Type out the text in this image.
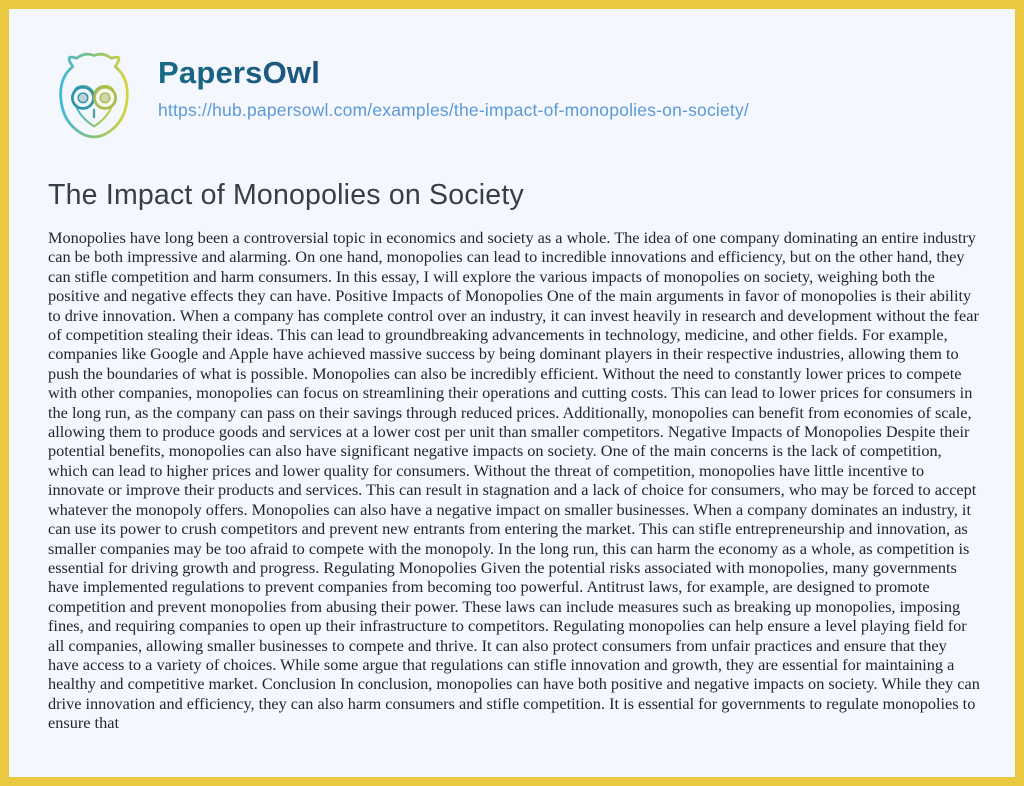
PapersOwl
https://hub.papersowl.com/examples/the-impact-of-monopolies-on-society/
The Impact of Monopolies on Society

Monopolies have long been a controversial topic in economics and society as a whole. The idea of one company dominating an entire industry can be both impressive and alarming. On one hand, monopolies can lead to incredible innovations and efficiency, but on the other hand, they can stifle competition and harm consumers. In this essay, I will explore the various impacts of monopolies on society, weighing both the positive and negative effects they can have. Positive Impacts of Monopolies One of the main arguments in favor of monopolies is their ability to drive innovation. When a company has complete control over an industry, it can invest heavily in research and development without the fear of competition stealing their ideas. This can lead to groundbreaking advancements in technology, medicine, and other fields. For example, companies like Google and Apple have achieved massive success by being dominant players in their respective industries, allowing them to push the boundaries of what is possible. Monopolies can also be incredibly efficient. Without the need to constantly lower prices to compete with other companies, monopolies can focus on streamlining their operations and cutting costs. This can lead to lower prices for consumers in the long run, as the company can pass on their savings through reduced prices. Additionally, monopolies can benefit from economies of scale, allowing them to produce goods and services at a lower cost per unit than smaller competitors. Negative Impacts of Monopolies Despite their potential benefits, monopolies can also have significant negative impacts on society. One of the main concerns is the lack of competition, which can lead to higher prices and lower quality for consumers. Without the threat of competition, monopolies have little incentive to innovate or improve their products and services. This can result in stagnation and a lack of choice for consumers, who may be forced to accept whatever the monopoly offers. Monopolies can also have a negative impact on smaller businesses. When a company dominates an industry, it can use its power to crush competitors and prevent new entrants from entering the market. This can stifle entrepreneurship and innovation, as smaller companies may be too afraid to compete with the monopoly. In the long run, this can harm the economy as a whole, as competition is essential for driving growth and progress. Regulating Monopolies Given the potential risks associated with monopolies, many governments have implemented regulations to prevent companies from becoming too powerful. Antitrust laws, for example, are designed to promote competition and prevent monopolies from abusing their power. These laws can include measures such as breaking up monopolies, imposing fines, and requiring companies to open up their infrastructure to competitors. Regulating monopolies can help ensure a level playing field for all companies, allowing smaller businesses to compete and thrive. It can also protect consumers from unfair practices and ensure that they have access to a variety of choices. While some argue that regulations can stifle innovation and growth, they are essential for maintaining a healthy and competitive market. Conclusion In conclusion, monopolies can have both positive and negative impacts on society. While they can drive innovation and efficiency, they can also harm consumers and stifle competition. It is essential for governments to regulate monopolies to ensure that
